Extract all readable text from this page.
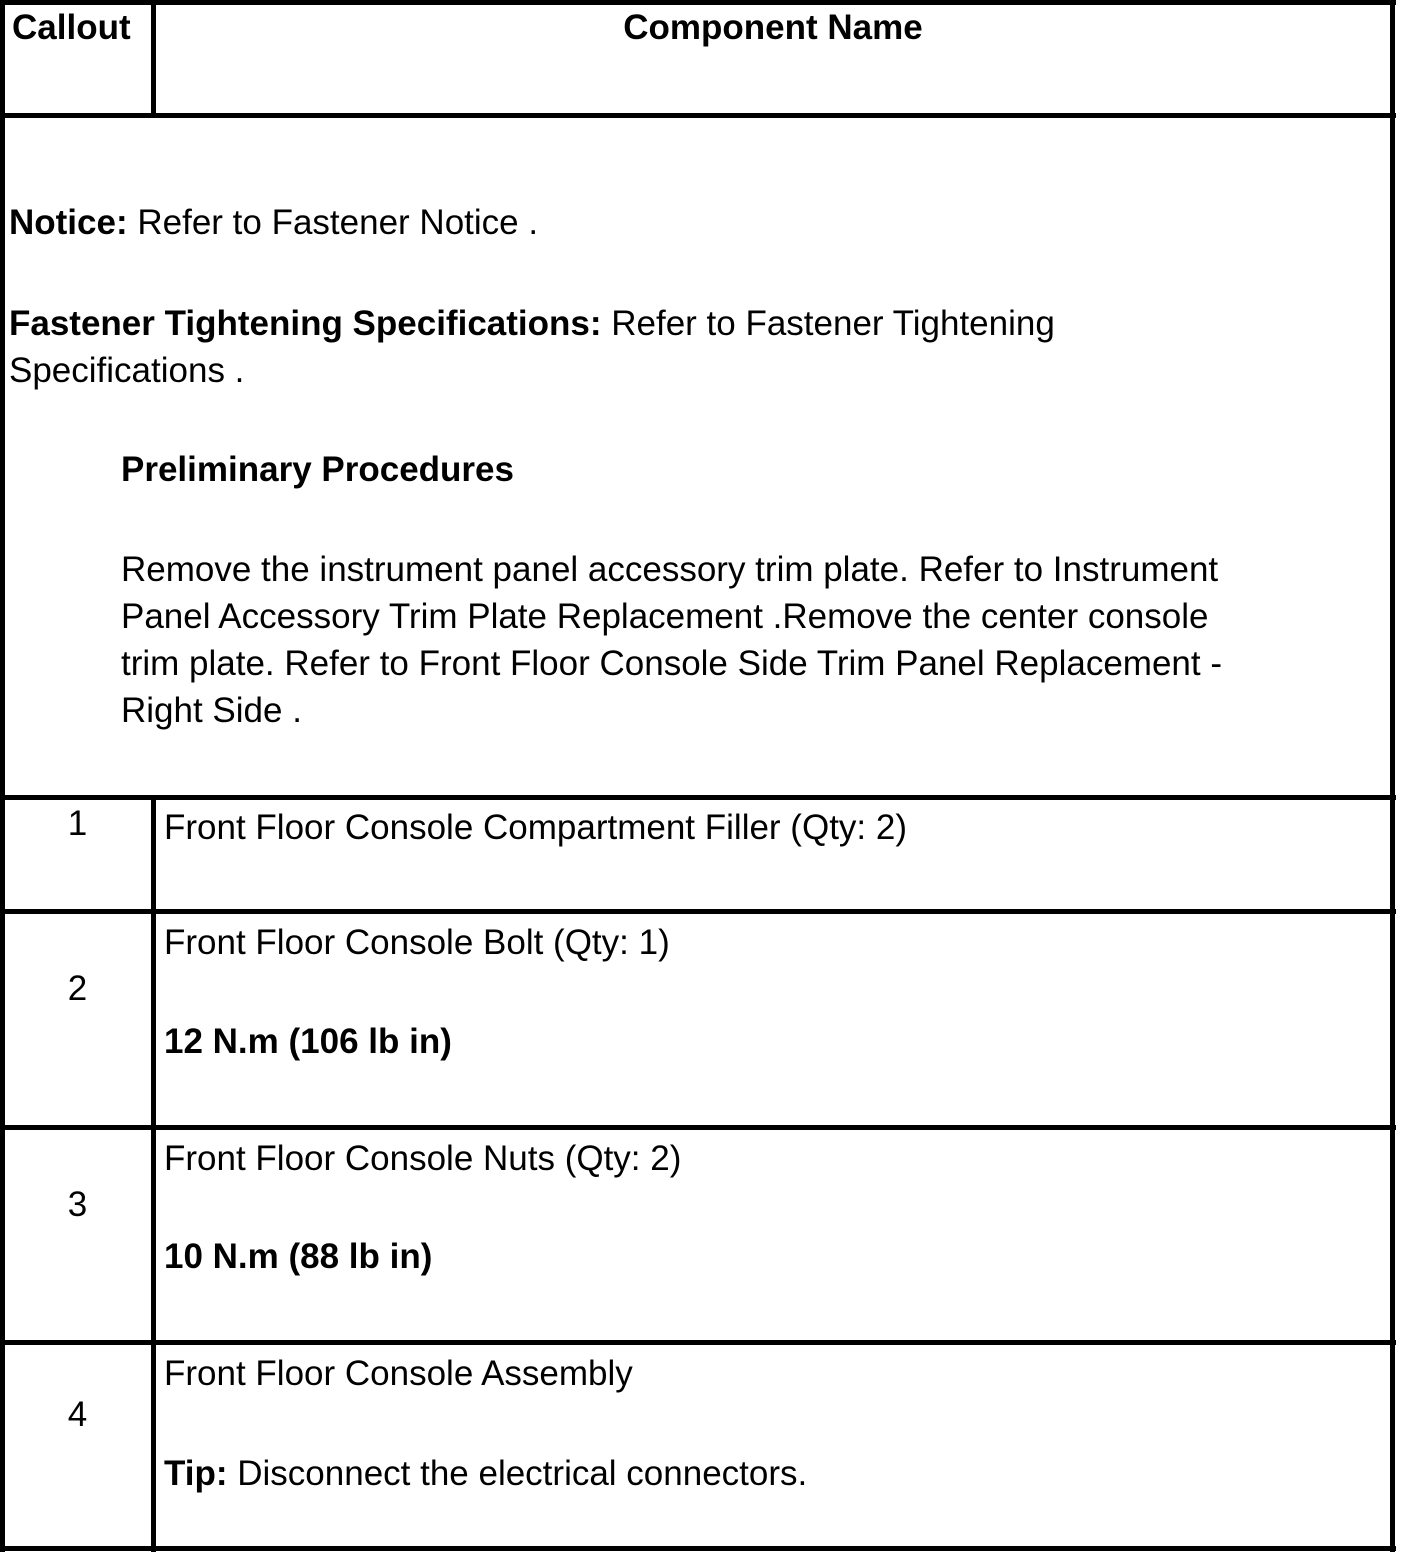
Callout	Component Name
Notice: Refer to Fastener Notice .
Fastener Tightening Specifications: Refer to Fastener Tightening
Specifications .
Preliminary Procedures
Remove the instrument panel accessory trim plate. Refer to Instrument
Panel Accessory Trim Plate Replacement .Remove the center console
trim plate. Refer to Front Floor Console Side Trim Panel Replacement -
Right Side .
1	Front Floor Console Compartment Filler (Qty: 2)
2
Front Floor Console Bolt (Qty: 1)
12 N.m (106 lb in)
3
Front Floor Console Nuts (Qty: 2)
10 N.m (88 lb in)
4
Front Floor Console Assembly
Tip: Disconnect the electrical connectors.
